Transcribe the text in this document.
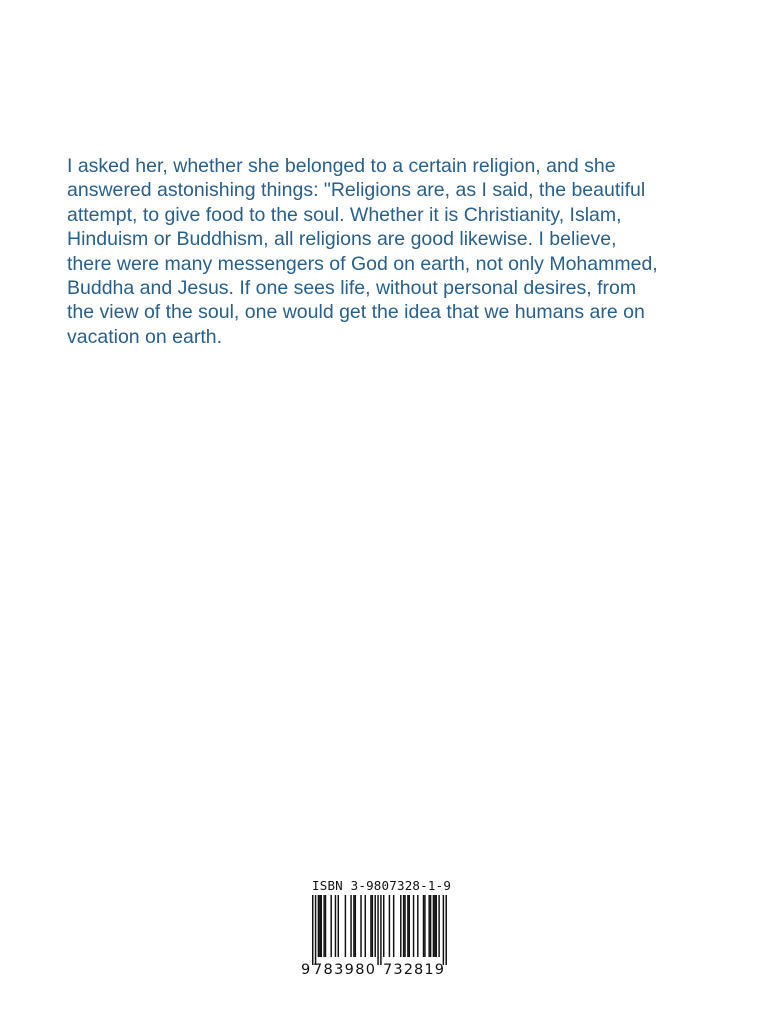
I asked her, whether she belonged to a certain religion, and she
answered astonishing things: "Religions are, as I said, the beautiful
attempt, to give food to the soul. Whether it is Christianity, Islam,
Hinduism or Buddhism, all religions are good likewise. I believe,
there were many messengers of God on earth, not only Mohammed,
Buddha and Jesus. If one sees life, without personal desires, from
the view of the soul, one would get the idea that we humans are on
vacation on earth.
ISBN 3-9807328-1-9
9 783980 732819
